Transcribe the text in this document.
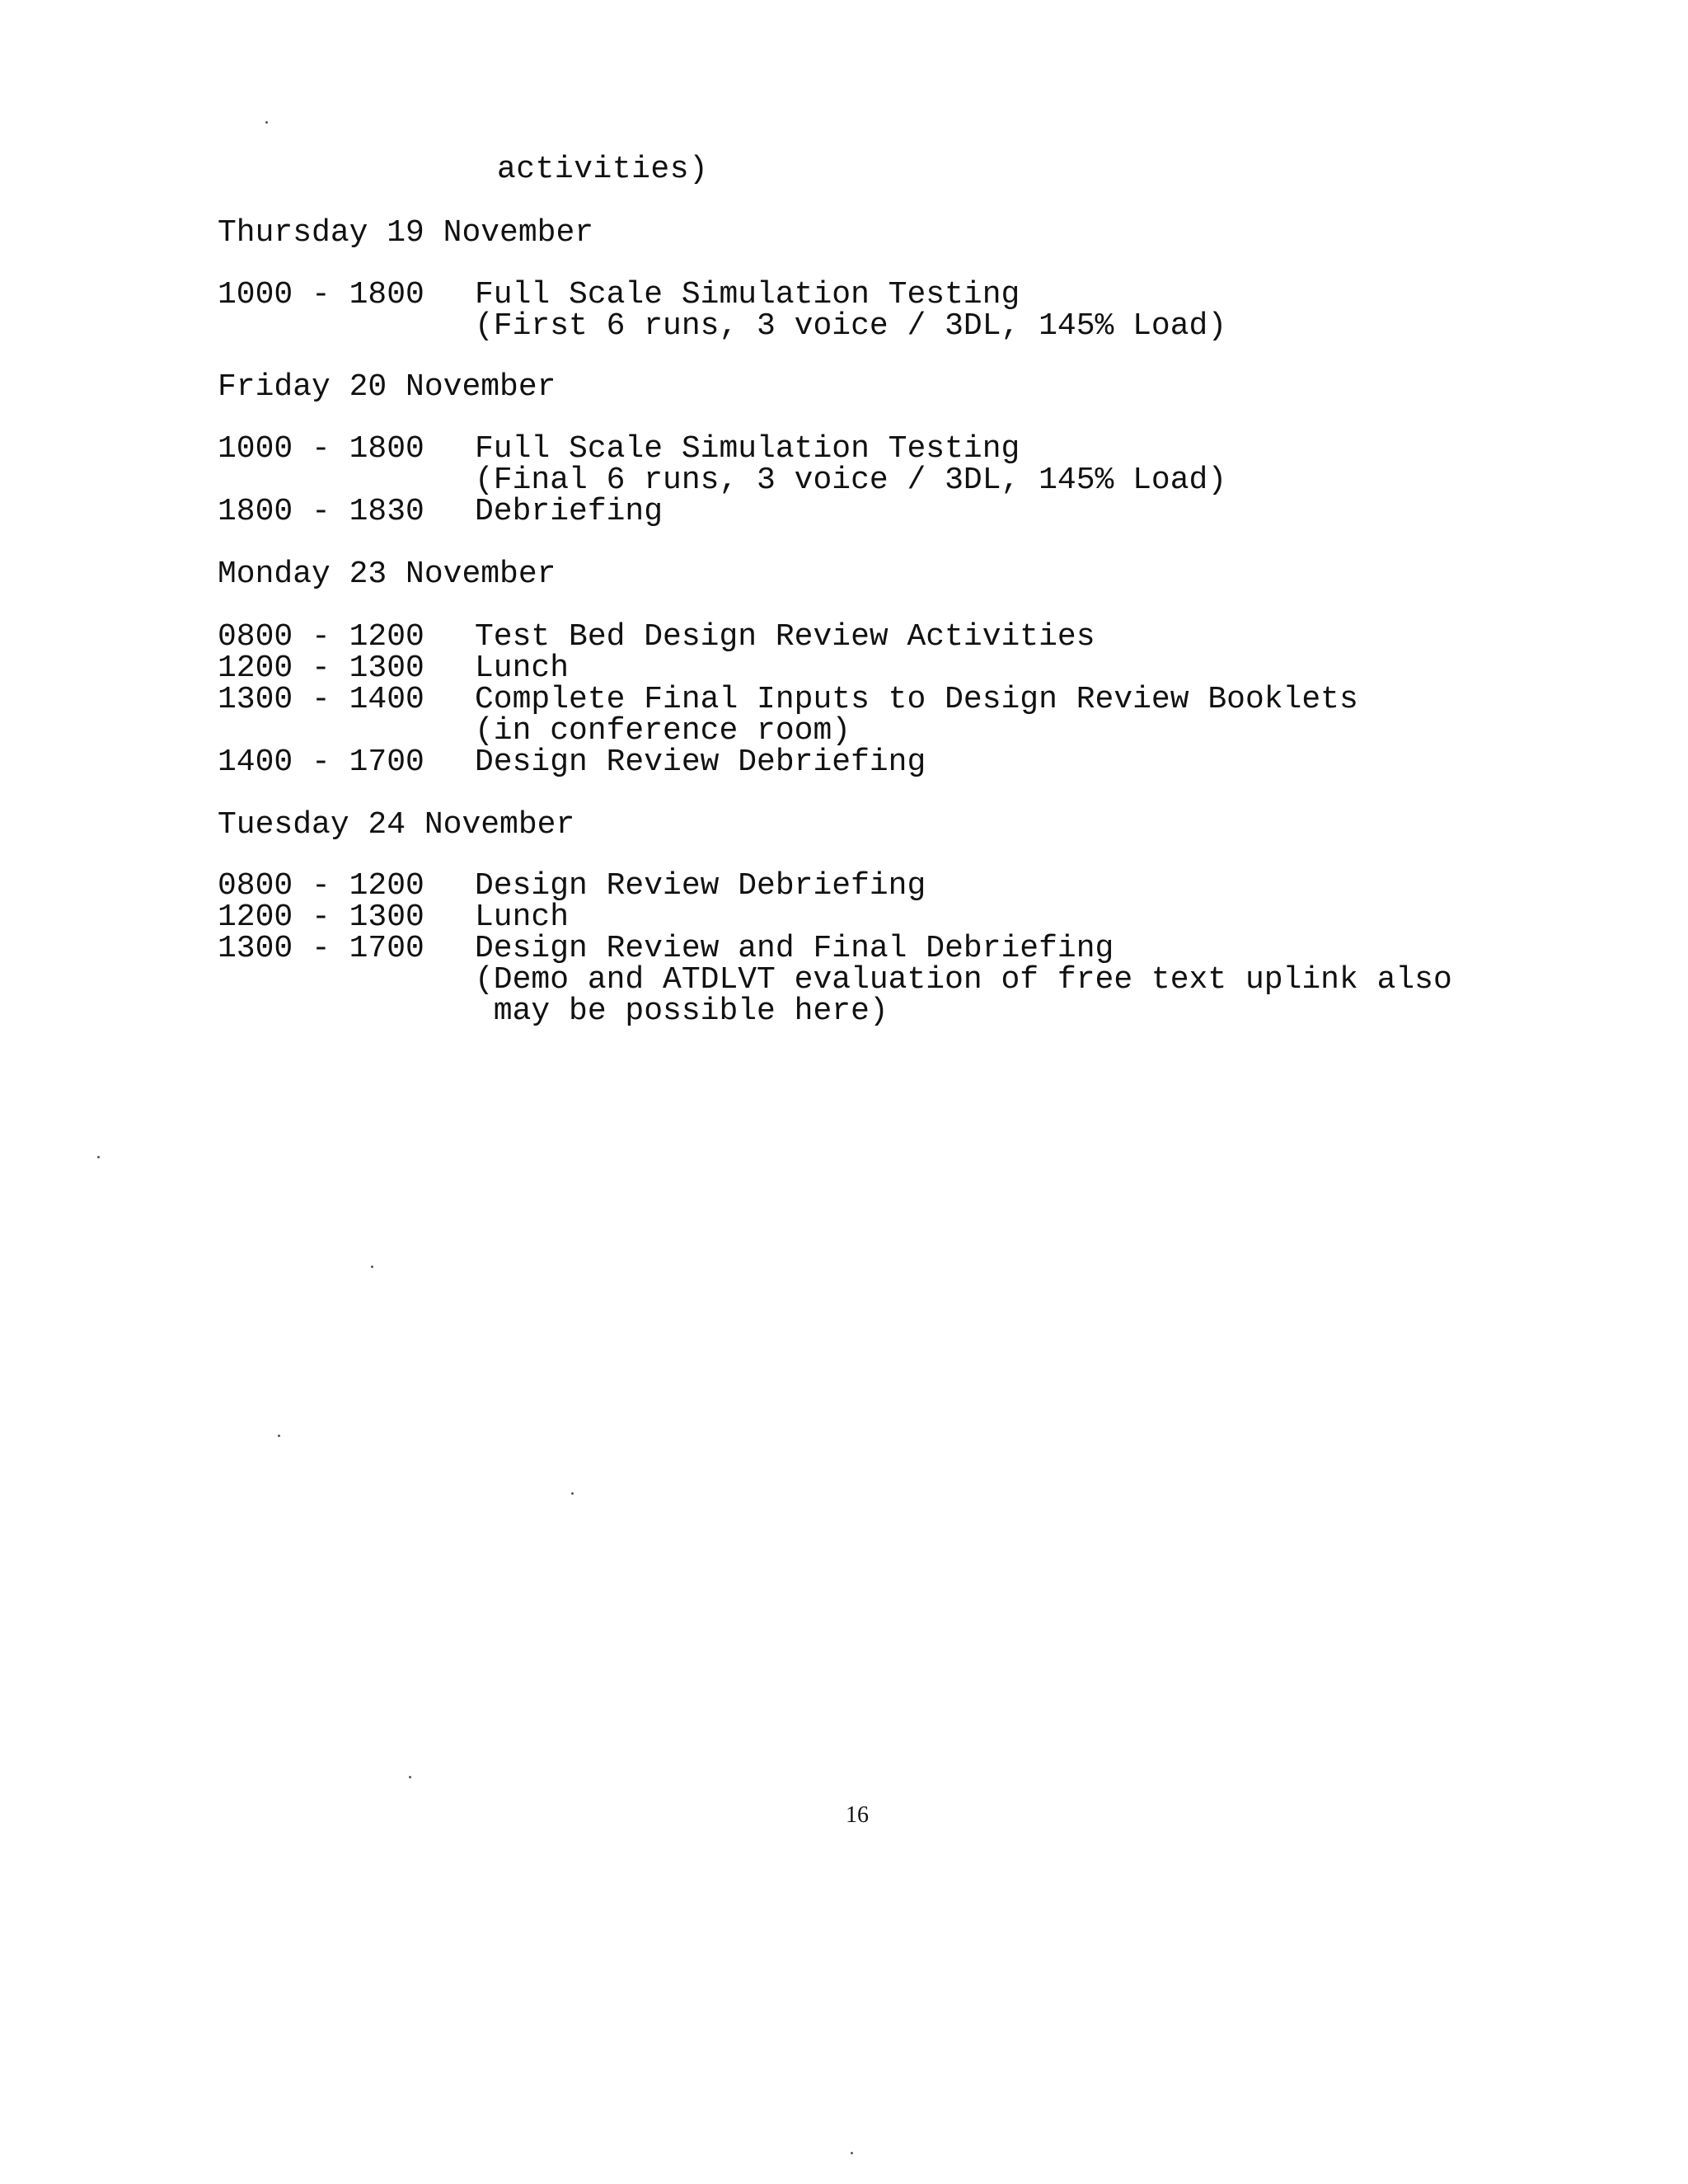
activities)
Thursday 19 November
1000 - 1800 Full Scale Simulation Testing
(First 6 runs, 3 voice / 3DL, 145% Load)
Friday 20 November
1000 - 1800 Full Scale Simulation Testing
(Final 6 runs, 3 voice / 3DL, 145% Load)
1800 - 1830 Debriefing
Monday 23 November
0800 - 1200 Test Bed Design Review Activities
1200 - 1300 Lunch
1300 - 1400 Complete Final Inputs to Design Review Booklets
(in conference room)
1400 - 1700 Design Review Debriefing
Tuesday 24 November
0800 - 1200 Design Review Debriefing
1200 - 1300 Lunch
1300 - 1700 Design Review and Final Debriefing
(Demo and ATDLVT evaluation of free text uplink also
may be possible here)
16
